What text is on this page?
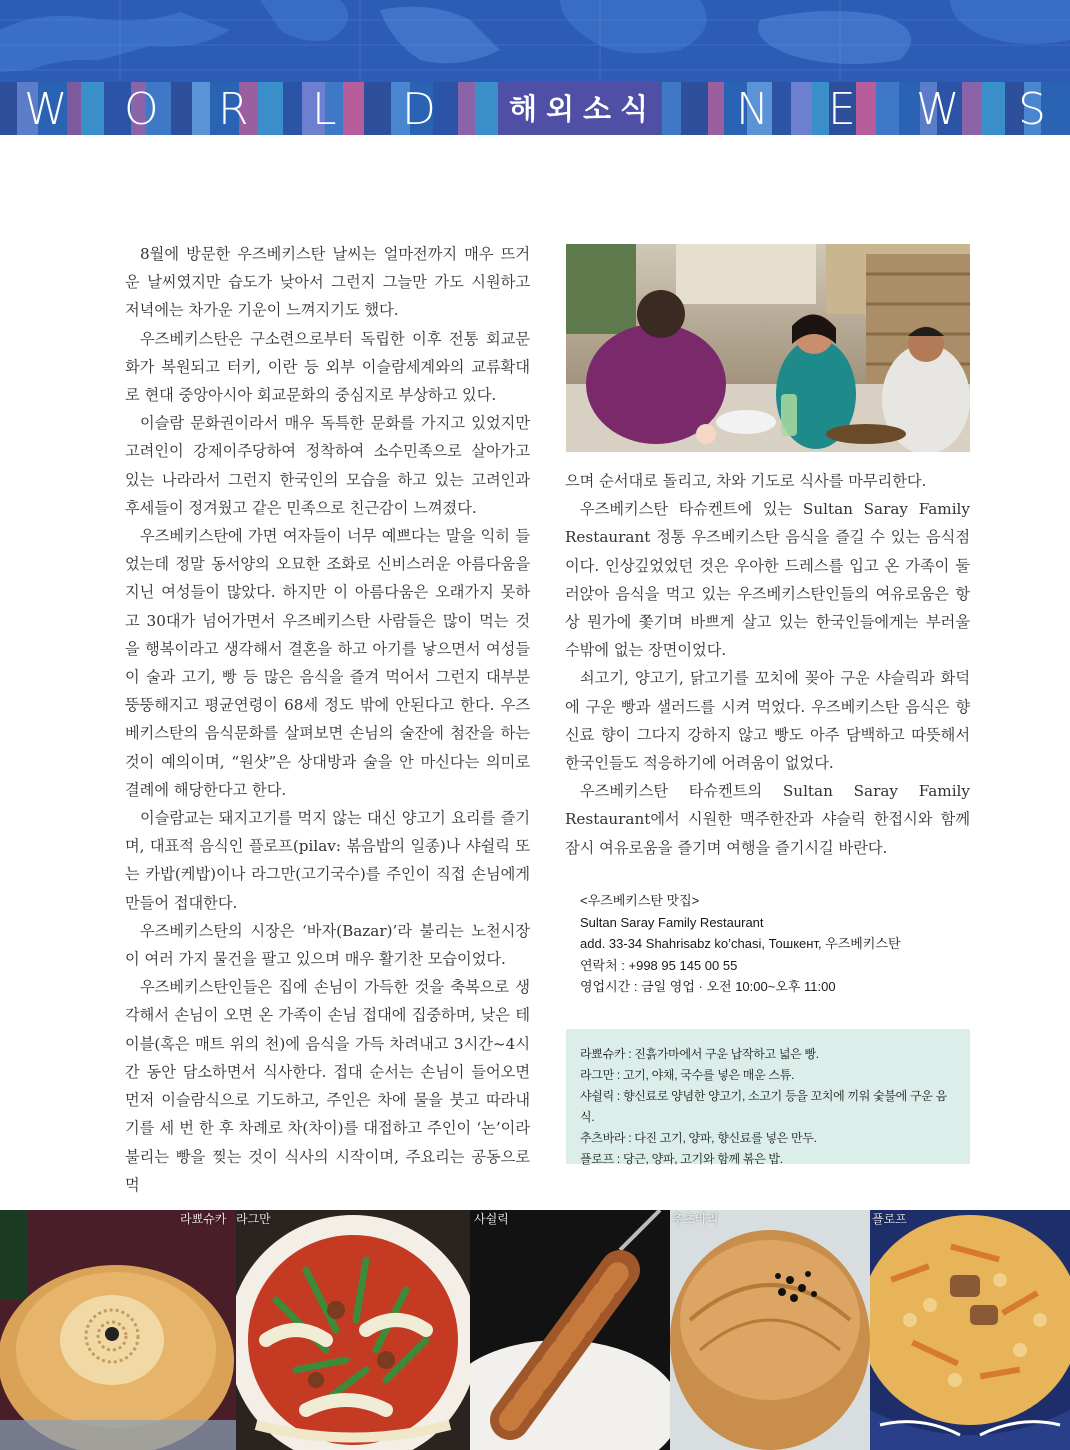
W O R L D	해외소식 N E W S

8월에 방문한 우즈베키스탄 날씨는 얼마전까지 매우 뜨거운 날씨였지만 습도가 낮아서 그런지 그늘만 가도 시원하고 저녁에는 차가운 기운이 느껴지기도 했다.

우즈베키스탄은 구소련으로부터 독립한 이후 전통 회교문화가 복원되고 터키, 이란 등 외부 이슬람세계와의 교류확대로 현대 중앙아시아 회교문화의 중심지로 부상하고 있다.

이슬람 문화권이라서 매우 독특한 문화를 가지고 있었지만 고려인이 강제이주당하여 정착하여 소수민족으로 살아가고 있는 나라라서 그런지 한국인의 모습을 하고 있는 고려인과 후세들이 정겨웠고 같은 민족으로 친근감이 느껴졌다.

우즈베키스탄에 가면 여자들이 너무 예쁘다는 말을 익히 들었는데 정말 동서양의 오묘한 조화로 신비스러운 아름다움을 지닌 여성들이 많았다. 하지만 이 아름다움은 오래가지 못하고 30대가 넘어가면서 우즈베키스탄 사람들은 많이 먹는 것을 행복이라고 생각해서 결혼을 하고 아기를 낳으면서 여성들이 술과 고기, 빵 등 많은 음식을 즐겨 먹어서 그런지 대부분 뚱뚱해지고 평균연령이 68세 정도 밖에 안된다고 한다. 우즈베키스탄의 음식문화를 살펴보면 손님의 술잔에 첨잔을 하는 것이 예의이며, “원샷”은 상대방과 술을 안 마신다는 의미로 결례에 해당한다고 한다.

이슬람교는 돼지고기를 먹지 않는 대신 양고기 요리를 즐기며, 대표적 음식인 플로프(pilav: 볶음밥의 일종)나 샤쉴릭 또는 카밥(케밥)이나 라그만(고기국수)를 주인이 직접 손님에게 만들어 접대한다.

우즈베키스탄의 시장은 ‘바자(Bazar)’라 불리는 노천시장이 여러 가지 물건을 팔고 있으며 매우 활기찬 모습이었다.

우즈베키스탄인들은 집에 손님이 가득한 것을 축복으로 생각해서 손님이 오면 온 가족이 손님 접대에 집중하며, 낮은 테이블(혹은 매트 위의 천)에 음식을 가득 차려내고 3시간~4시간 동안 담소하면서 식사한다. 접대 순서는 손님이 들어오면 먼저 이슬람식으로 기도하고, 주인은 차에 물을 붓고 따라내기를 세 번 한 후 차례로 차(차이)를 대접하고 주인이 ‘논’이라 불리는 빵을 찢는 것이 식사의 시작이며, 주요리는 공동으로 먹

으며 순서대로 돌리고, 차와 기도로 식사를 마무리한다.

우즈베키스탄 타슈켄트에 있는 Sultan Saray Family Restaurant 정통 우즈베키스탄 음식을 즐길 수 있는 음식점이다. 인상깊었었던 것은 우아한 드레스를 입고 온 가족이 둘러앉아 음식을 먹고 있는 우즈베키스탄인들의 여유로움은 항상 뭔가에 쫓기며 바쁘게 살고 있는 한국인들에게는 부러울 수밖에 없는 장면이었다.

쇠고기, 양고기, 닭고기를 꼬치에 꽂아 구운 샤슬릭과 화덕에 구운 빵과 샐러드를 시켜 먹었다. 우즈베키스탄 음식은 향신료 향이 그다지 강하지 않고 빵도 아주 담백하고 따뜻해서 한국인들도 적응하기에 어려움이 없었다.

우즈베키스탄 타슈켄트의 Sultan Saray Family Restaurant에서 시원한 맥주한잔과 샤슬릭 한접시와 함께 잠시 여유로움을 즐기며 여행을 즐기시길 바란다.

<우즈베키스탄 맛집>
Sultan Saray Family Restaurant
add. 33-34 Shahrisabz ko’chasi, Тошкент, 우즈베키스탄
연락처 : +998 95 145 00 55
영업시간 : 금일 영업 · 오전 10:00~오후 11:00
라뾰슈카 : 진흙가마에서 구운 납작하고 넓은 빵.
라그만 : 고기, 야채, 국수를 넣은 매운 스튜.
샤쉴릭 : 향신료로 양념한 양고기, 소고기 등을 꼬치에 끼워 숯불에 구운 음식.
추츠바라 : 다진 고기, 양파, 향신료를 넣은 만두.
플로프 : 당근, 양파, 고기와 함께 볶은 밥.
라뾰슈카 라그만	사쉴릭	추츠바리	플로프
